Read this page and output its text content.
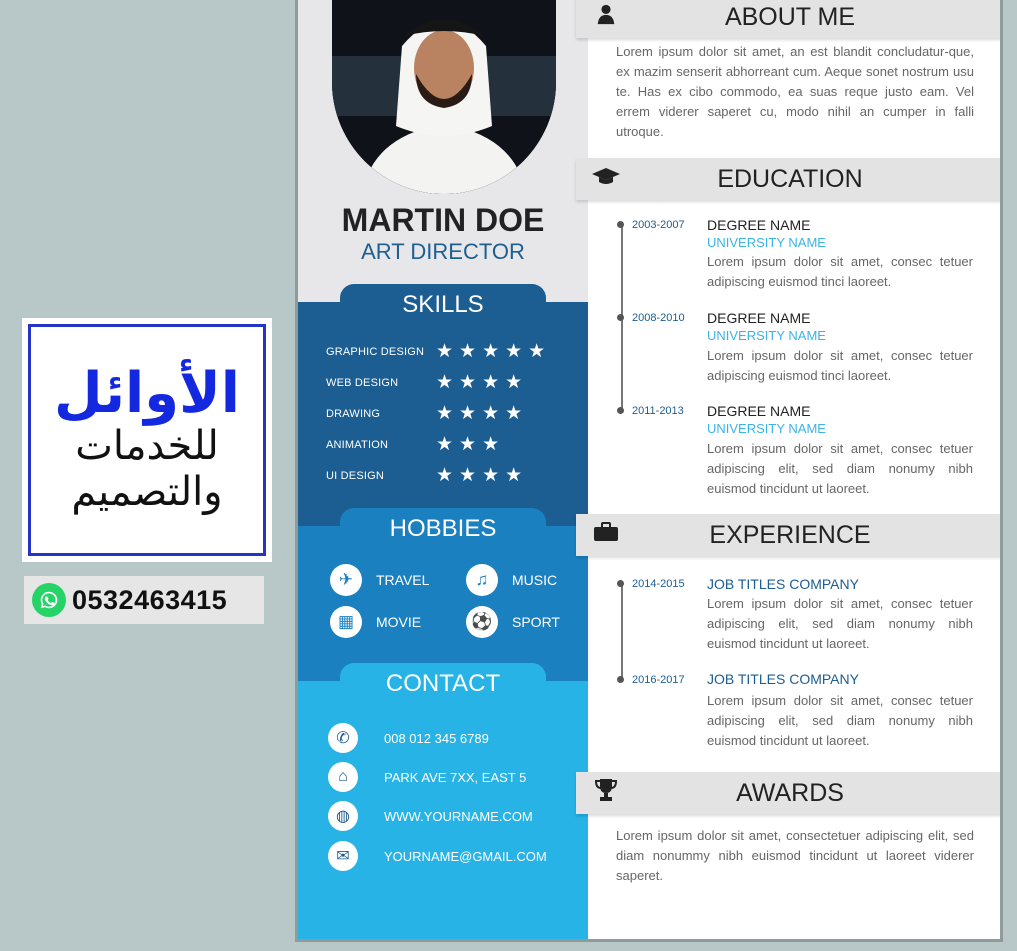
الأوائل
للخدمات
والتصميم
0532463415
MARTIN DOE
ART DIRECTOR
SKILLS
GRAPHIC DESIGN ★★★★★
WEB DESIGN	★★★★
DRAWING	★★★★
ANIMATION	★★★
UI DESIGN	★★★★
HOBBIES
✈	TRAVEL	♫	MUSIC
▦	MOVIE	⚽	SPORT
CONTACT
✆	008 012 345 6789
⌂	PARK AVE 7XX, EAST 5
◍	WWW.YOURNAME.COM
✉	YOURNAME@GMAIL.COM
ABOUT ME

Lorem ipsum dolor sit amet, an est blandit concludatur-que, ex mazim senserit abhorreant cum. Aeque sonet nostrum usu te. Has ex cibo commodo, ea suas reque justo eam. Vel errem viderer saperet cu, modo nihil an cumper in falli utroque.

EDUCATION
2003-2007 DEGREE NAME
UNIVERSITY NAME

Lorem ipsum dolor sit amet, consec tetuer adipiscing euismod tinci laoreet.

2008-2010 DEGREE NAME
UNIVERSITY NAME

Lorem ipsum dolor sit amet, consec tetuer adipiscing euismod tinci laoreet.

2011-2013 DEGREE NAME
UNIVERSITY NAME

Lorem ipsum dolor sit amet, consec tetuer adipiscing elit, sed diam nonumy nibh euismod tincidunt ut laoreet.

EXPERIENCE
2014-2015 JOB TITLES COMPANY

Lorem ipsum dolor sit amet, consec tetuer adipiscing elit, sed diam nonumy nibh euismod tincidunt ut laoreet.

2016-2017 JOB TITLES COMPANY

Lorem ipsum dolor sit amet, consec tetuer adipiscing elit, sed diam nonumy nibh euismod tincidunt ut laoreet.

AWARDS

Lorem ipsum dolor sit amet, consectetuer adipiscing elit, sed diam nonummy nibh euismod tincidunt ut laoreet viderer saperet.
